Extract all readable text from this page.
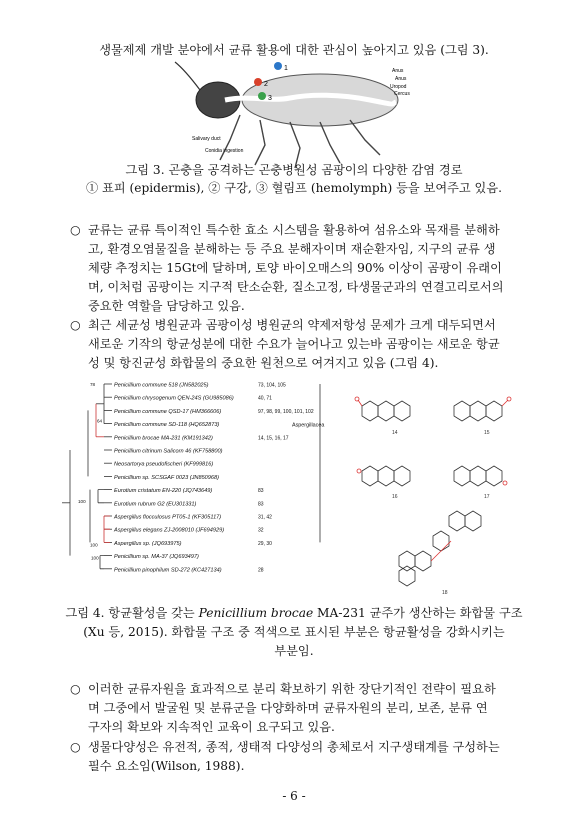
생물제제 개발 분야에서 균류 활용에 대한 관심이 높아지고 있음 (그림 3).
1
2
3
Anus
Anus
Uropod
Cercus
Salivary duct
Conidia ingestion
그림 3. 곤충을 공격하는 곤충병원성 곰팡이의 다양한 감염 경로
① 표피 (epidermis), ② 구강, ③ 혈림프 (hemolymph) 등을 보여주고 있음.
○ 균류는 균류 특이적인 특수한 효소 시스템을 활용하여 섬유소와 목재를 분해하
고, 환경오염물질을 분해하는 등 주요 분해자이며 재순환자임, 지구의 균류 생
체량 추정치는 15Gt에 달하며, 토양 바이오매스의 90% 이상이 곰팡이 유래이
며, 이처럼 곰팡이는 지구적 탄소순환, 질소고정, 타생물군과의 연결고리로서의
중요한 역할을 담당하고 있음.
○ 최근 세균성 병원균과 곰팡이성 병원균의 약제저항성 문제가 크게 대두되면서
새로운 기작의 항균성분에 대한 수요가 늘어나고 있는바 곰팡이는 새로운 항균
성 및 항진균성 화합물의 중요한 원천으로 여겨지고 있음 (그림 4).
Penicillium commune 518 (JN582025)	73, 104, 105
Penicillium chrysogenum QEN-24S (GU985086)	40, 71
Penicillium commune QSD-17 (HM366606)	97, 98, 99, 100, 101, 102
Penicillium commune SD-118 (HQ652873)
Penicillium brocae MA-231 (KM191342)	14, 15, 16, 17
Penicillium citrinum Salicorn 46 (KF758800)
Neosartorya pseudofischeri (KF999816)
Penicillium sp. SCSGAF 0023 (JN850968)
Eurotium cristatum EN-220 (JQ743649)	83
Eurotium rubrum G2 (EU301331)	83
Aspergillus flocculosus PT05-1 (KF305117)	31, 42
Aspergillus elegans ZJ-2008010 (JF694929)	32
Aspergillus sp. (JQ693975)	29, 30
Penicillium sp. MA-37 (JQ693497)
Penicillium pinophilum SD-272 (KC427134)	28
Aspergillacea
78
64
100
100
100
14	15
16	17
18
그림 4. 항균활성을 갖는 Penicillium brocae MA-231 균주가 생산하는 화합물 구조
(Xu 등, 2015). 화합물 구조 중 적색으로 표시된 부분은 항균활성을 강화시키는
부분임.
○ 이러한 균류자원을 효과적으로 분리 확보하기 위한 장단기적인 전략이 필요하
며 그중에서 발굴원 및 분류군을 다양화하며 균류자원의 분리, 보존, 분류 연
구자의 확보와 지속적인 교육이 요구되고 있음.
○ 생물다양성은 유전적, 종적, 생태적 다양성의 총체로서 지구생태계를 구성하는
필수 요소임(Wilson, 1988).
- 6 -
